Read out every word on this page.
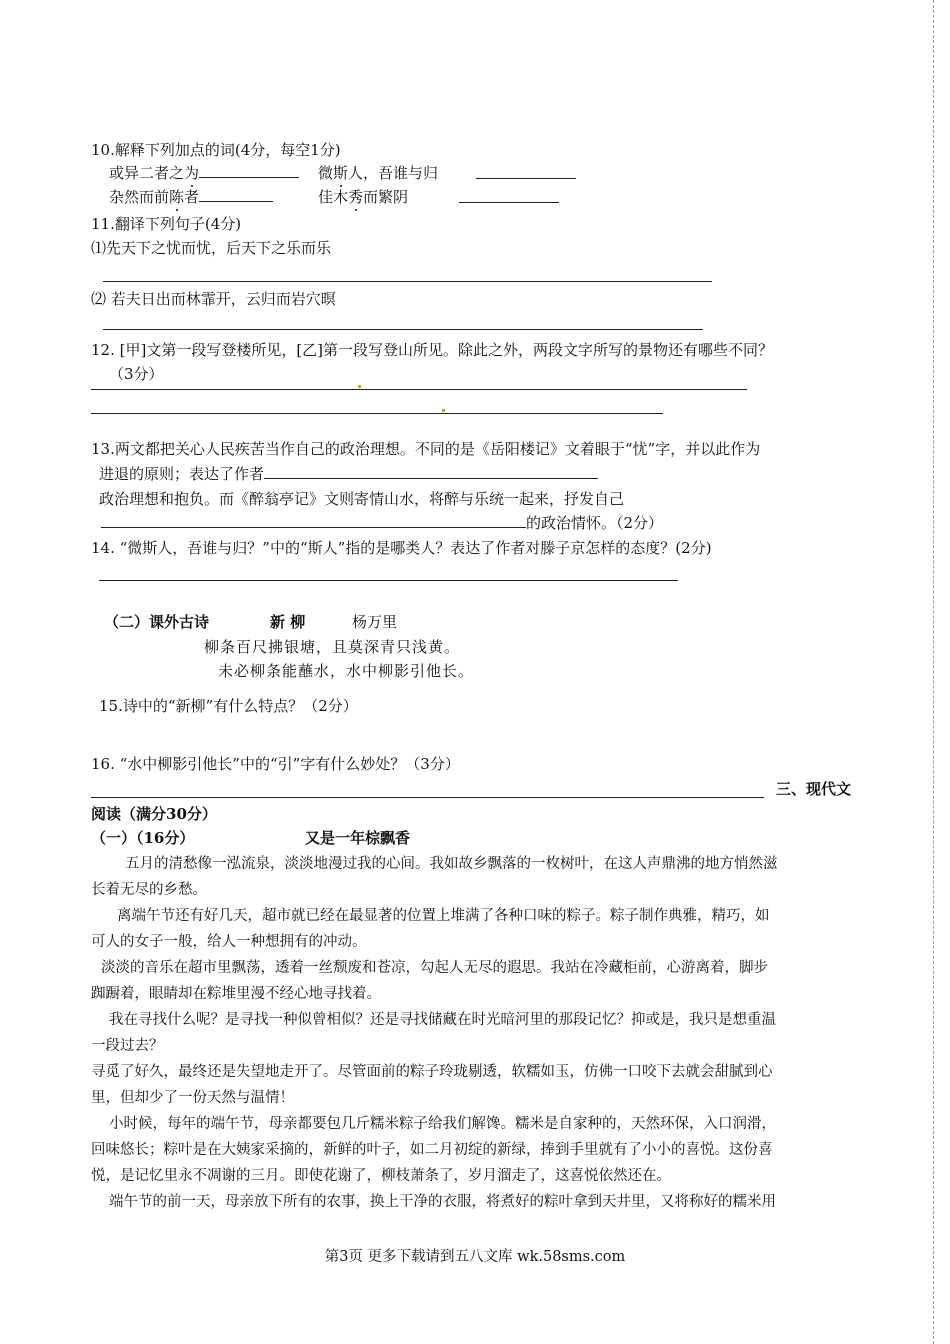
10.解释下列加点的词(4分，每空1分)
或异二者之为	微斯人，吾谁与归
杂然而前陈者	佳木秀而繁阴
11.翻译下列句子(4分)
⑴先天下之忧而忧，后天下之乐而乐
⑵ 若夫日出而林霏开，云归而岩穴暝
12. [甲]文第一段写登楼所见，[乙]第一段写登山所见。除此之外，两段文字所写的景物还有哪些不同？
（3分）
13.两文都把关心人民疾苦当作自己的政治理想。不同的是《岳阳楼记》文着眼于“忧”字，并以此作为
进退的原则；表达了作者
政治理想和抱负。而《醉翁亭记》文则寄情山水，将醉与乐统一起来，抒发自己
的政治情怀。（2分）
14. “微斯人，吾谁与归？”中的“斯人”指的是哪类人？表达了作者对滕子京怎样的态度？(2分)
（二）课外古诗	新 柳	杨万里
柳条百尺拂银塘，且莫深青只浅黄。
未必柳条能蘸水，水中柳影引他长。
15.诗中的“新柳”有什么特点？（2分）
16. “水中柳影引他长”中的“引”字有什么妙处？（3分）
三、现代文
阅读（满分30分）
（一）（16分）	又是一年棕飘香

五月的清愁像一泓流泉，淡淡地漫过我的心间。我如故乡飘落的一枚树叶，在这人声鼎沸的地方悄然滋

长着无尽的乡愁。

离端午节还有好几天，超市就已经在最显著的位置上堆满了各种口味的粽子。粽子制作典雅，精巧，如

可人的女子一般，给人一种想拥有的冲动。

淡淡的音乐在超市里飘荡，透着一丝颓废和苍凉，勾起人无尽的遐思。我站在冷藏柜前，心游离着，脚步

踟蹰着，眼睛却在粽堆里漫不经心地寻找着。

我在寻找什么呢？是寻找一种似曾相似？还是寻找储藏在时光暗河里的那段记忆？抑或是，我只是想重温

一段过去？

寻觅了好久，最终还是失望地走开了。尽管面前的粽子玲珑剔透，软糯如玉，仿佛一口咬下去就会甜腻到心

里，但却少了一份天然与温情！

小时候，每年的端午节，母亲都要包几斤糯米粽子给我们解馋。糯米是自家种的，天然环保，入口润滑，

回味悠长；粽叶是在大姨家采摘的，新鲜的叶子，如二月初绽的新绿，捧到手里就有了小小的喜悦。这份喜

悦，是记忆里永不凋谢的三月。即使花谢了，柳枝萧条了，岁月溜走了，这喜悦依然还在。

端午节的前一天，母亲放下所有的农事，换上干净的衣服，将煮好的粽叶拿到天井里，又将称好的糯米用

第3页 更多下载请到五八文库 wk.58sms.com
